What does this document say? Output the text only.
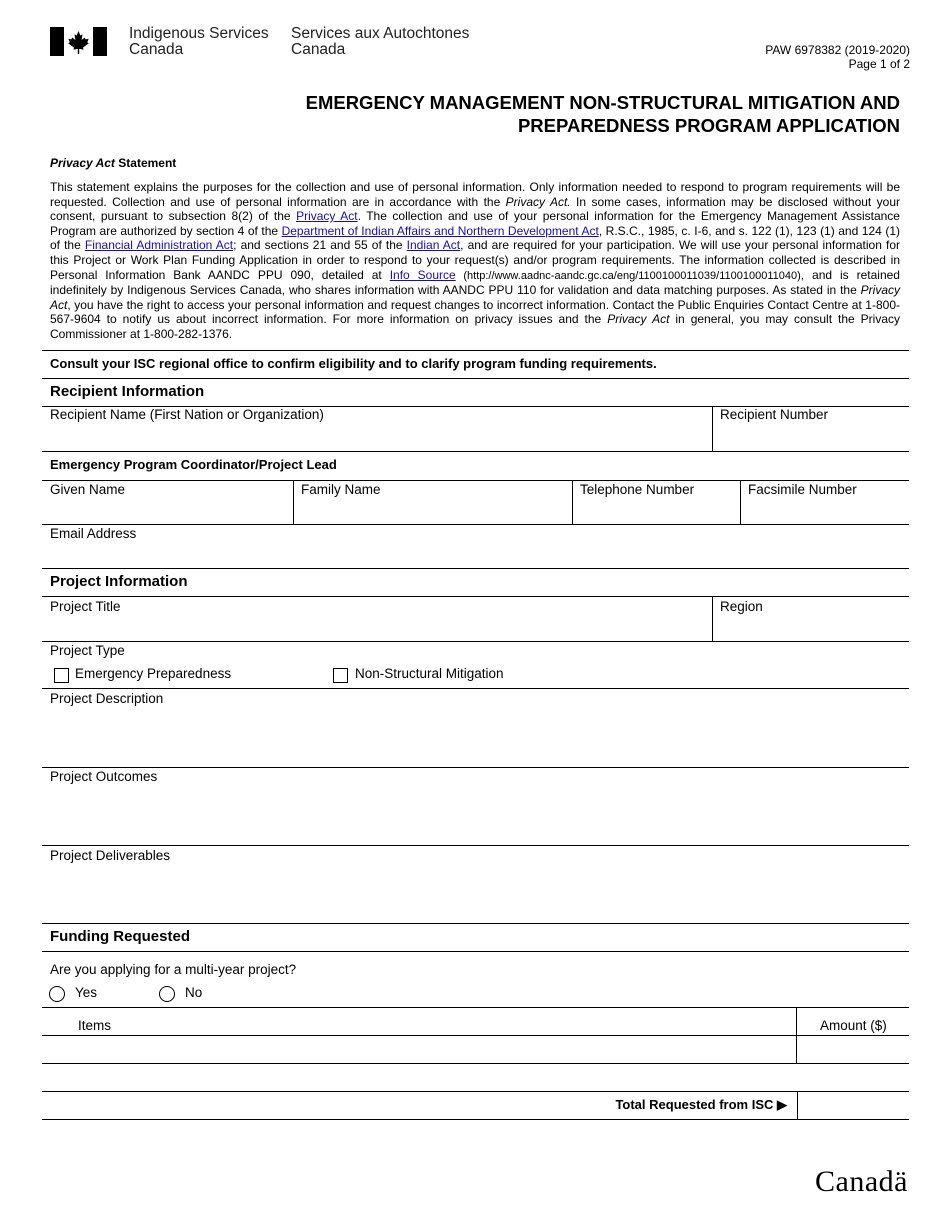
Indigenous Services
Canada
Services aux Autochtones
Canada	PAW 6978382 (2019-2020)
Page 1 of 2
EMERGENCY MANAGEMENT NON-STRUCTURAL MITIGATION AND
PREPAREDNESS PROGRAM APPLICATION
Privacy Act Statement
This statement explains the purposes for the collection and use of personal information. Only information needed to respond to program requirements will be requested. Collection and use of personal information are in accordance with the Privacy Act. In some cases, information may be disclosed without your consent, pursuant to subsection 8(2) of the Privacy Act. The collection and use of your personal information for the Emergency Management Assistance Program are authorized by section 4 of the Department of Indian Affairs and Northern Development Act, R.S.C., 1985, c. I-6, and s. 122 (1), 123 (1) and 124 (1) of the Financial Administration Act; and sections 21 and 55 of the Indian Act, and are required for your participation. We will use your personal information for this Project or Work Plan Funding Application in order to respond to your request(s) and/or program requirements. The information collected is described in Personal Information Bank AANDC PPU 090, detailed at Info Source (http://www.aadnc-aandc.gc.ca/eng/1100100011039/1100100011040), and is retained indefinitely by Indigenous Services Canada, who shares information with AANDC PPU 110 for validation and data matching purposes. As stated in the Privacy Act, you have the right to access your personal information and request changes to incorrect information. Contact the Public Enquiries Contact Centre at 1-800-567-9604 to notify us about incorrect information. For more information on privacy issues and the Privacy Act in general, you may consult the Privacy Commissioner at 1-800-282-1376.
Consult your ISC regional office to confirm eligibility and to clarify program funding requirements.
Recipient Information
Recipient Name (First Nation or Organization)	Recipient Number
Emergency Program Coordinator/Project Lead
Given Name	Family Name	Telephone Number	Facsimile Number
Email Address
Project Information
Project Title	Region
Project Type
Emergency Preparedness	Non-Structural Mitigation
Project Description
Project Outcomes
Project Deliverables
Funding Requested
Are you applying for a multi-year project?
Yes	No
Items	Amount ($)
Total Requested from ISC ▶
Canadä
